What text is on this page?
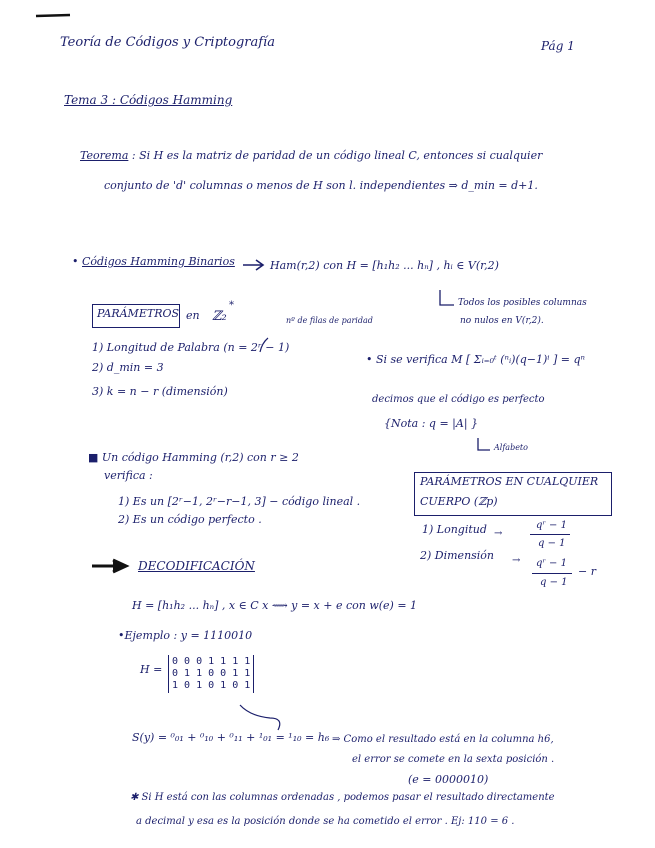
Teoría de Códigos y Criptografía	Pág 1
Tema 3 : Códigos Hamming
Teorema : Si H es la matriz de paridad de un código lineal C, entonces si cualquier
conjunto de 'd' columnas o menos de H son l. independientes ⇒ d_min = d+1.
• Códigos Hamming Binarios	Ham(r,2) con H = [h₁h₂ ... hₙ] , hᵢ ∈ V(r,2)
Todos los posibles columnas
no nulos en V(r,2).
PARÁMETROS en ℤ₂
*
nº de filas de paridad
1) Longitud de Palabra (n = 2ʳ − 1)
2) d_min = 3
3) k = n − r (dimensión)
• Si se verifica M [ Σᵢ₌₀ᵗ (ⁿᵢ)(q−1)ⁱ ] = qⁿ
decimos que el código es perfecto
{Nota : q = |A| }
Alfabeto
■ Un código Hamming (r,2) con r ≥ 2
verifica :
1) Es un [2ʳ−1, 2ʳ−r−1, 3] − código lineal .
2) Es un código perfecto .
PARÁMETROS EN CUALQUIER
CUERPO (ℤp)
1) Longitud →
qʳ − 1
q − 1
2) Dimensión → qʳ − 1
q − 1
− r
DECODIFICACIÓN
H = [h₁h₂ ... hₙ] , x ∈ C x ⟿ y = x + e con w(e) = 1
•Ejemplo : y = 1110010
H =
0 0 0 1 1 1 1
0 1 1 0 0 1 1
1 0 1 0 1 0 1
S(y) = ⁰₀₁ + ⁰₁₀ + ⁰₁₁ + ¹₀₁ = ¹₁₀ = h₆ ⇒ Como el resultado está en la columna h6,
el error se comete en la sexta posición .
(e = 0000010)
✱ Si H está con las columnas ordenadas , podemos pasar el resultado directamente
a decimal y esa es la posición donde se ha cometido el error . Ej: 110 = 6 .
